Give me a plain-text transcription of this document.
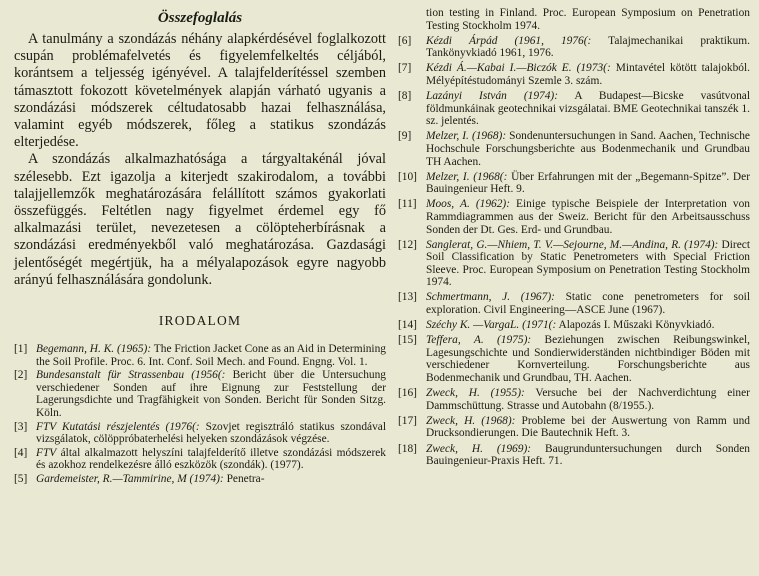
Összefoglalás

A tanulmány a szondázás néhány alapkérdésével foglalkozott csupán problémafelvetés és figyelemfelkeltés céljából, korántsem a teljesség igényével. A talajfelderítéssel szemben támasztott fokozott követelmények alapján várható ugyanis a szondázási módszerek céltudatosabb hazai felhasználása, valamint egyéb módszerek, főleg a statikus szondázás elterjedése.

A szondázás alkalmazhatósága a tárgyaltakénál jóval szélesebb. Ezt igazolja a kiterjedt szakirodalom, a további talajjellemzők meghatározására felállított számos gyakorlati összefüggés. Feltétlen nagy figyelmet érdemel egy fő alkalmazási terület, nevezetesen a cölöpteherbírásnak a szondázási eredményekből való meghatározása. Gazdasági jelentőségét megértjük, ha a mélyalapozások egyre nagyobb arányú felhasználására gondolunk.

IRODALOM
[1] Begemann, H. K. (1965): The Friction Jacket Cone as an Aid in Determining the Soil Profile. Proc. 6. Int. Conf. Soil Mech. and Found. Engng. Vol. 1.
[2] Bundesanstalt für Strassenbau (1956(: Bericht über die Untersuchung verschiedener Sonden auf ihre Eignung zur Feststellung der Lagerungsdichte und Tragfähigkeit von Sonden. Bericht für Sonden Sitzg. Köln.
[3] FTV Kutatási részjelentés (1976(: Szovjet regisztráló statikus szondával vizsgálatok, cölöppróbaterhelési helyeken szondázások végzése.
[4] FTV által alkalmazott helyszíni talajfelderítő illetve szondázási módszerek és azokhoz rendelkezésre álló eszközök (szondák). (1977).
[5] Gardemeister, R.—Tammirine, M (1974): Penetra-
tion testing in Finland. Proc. European Symposium on Penetration Testing Stockholm 1974.
[6] Kézdi Árpád (1961, 1976(: Talajmechanikai praktikum. Tankönyvkiadó 1961, 1976.
[7] Kézdi Á.—Kabai I.—Biczók E. (1973(: Mintavétel kötött talajokból. Mélyépítéstudományi Szemle 3. szám.
[8] Lazányi István (1974): A Budapest—Bicske vasútvonal földmunkáinak geotechnikai vizsgálatai. BME Geotechnikai tanszék 1. sz. jelentés.
[9] Melzer, I. (1968): Sondenuntersuchungen in Sand. Aachen, Technische Hochschule Forschungsberichte aus Bodenmechanik und Grundbau TH Aachen.
[10] Melzer, I. (1968(: Über Erfahrungen mit der „Begemann-Spitze”. Der Bauingenieur Heft. 9.
[11] Moos, A. (1962): Einige typische Beispiele der Interpretation von Rammdiagrammen aus der Sweiz. Bericht für den Arbeitsausschuss Sonden der Dt. Ges. Erd- und Grundbau.
[12] Sanglerat, G.—Nhiem, T. V.—Sejourne, M.—Andina, R. (1974): Direct Soil Classification by Static Penetrometers with Special Friction Sleeve. Proc. European Symposium on Penetration Testing Stockholm 1974.
[13] Schmertmann, J. (1967): Static cone penetrometers for soil exploration. Civil Engineering—ASCE June (1967).
[14] Széchy K. —VargaL. (1971(: Alapozás I. Műszaki Könyvkiadó.
[15] Teffera, A. (1975): Beziehungen zwischen Reibungswinkel, Lagesungschichte und Sondierwiderständen nichtbindiger Böden mit verschiedener Kornverteilung. Forschungsberichte aus Bodenmechanik und Grundbau, TH. Aachen.
[16] Zweck, H. (1955): Versuche bei der Nachverdichtung einer Dammschüttung. Strasse und Autobahn (8/1955.).
[17] Zweck, H. (1968): Probleme bei der Auswertung von Ramm und Drucksondierungen. Die Bautechnik Heft. 3.
[18] Zweck, H. (1969): Baugrunduntersuchungen durch Sonden Bauingenieur-Praxis Heft. 71.
